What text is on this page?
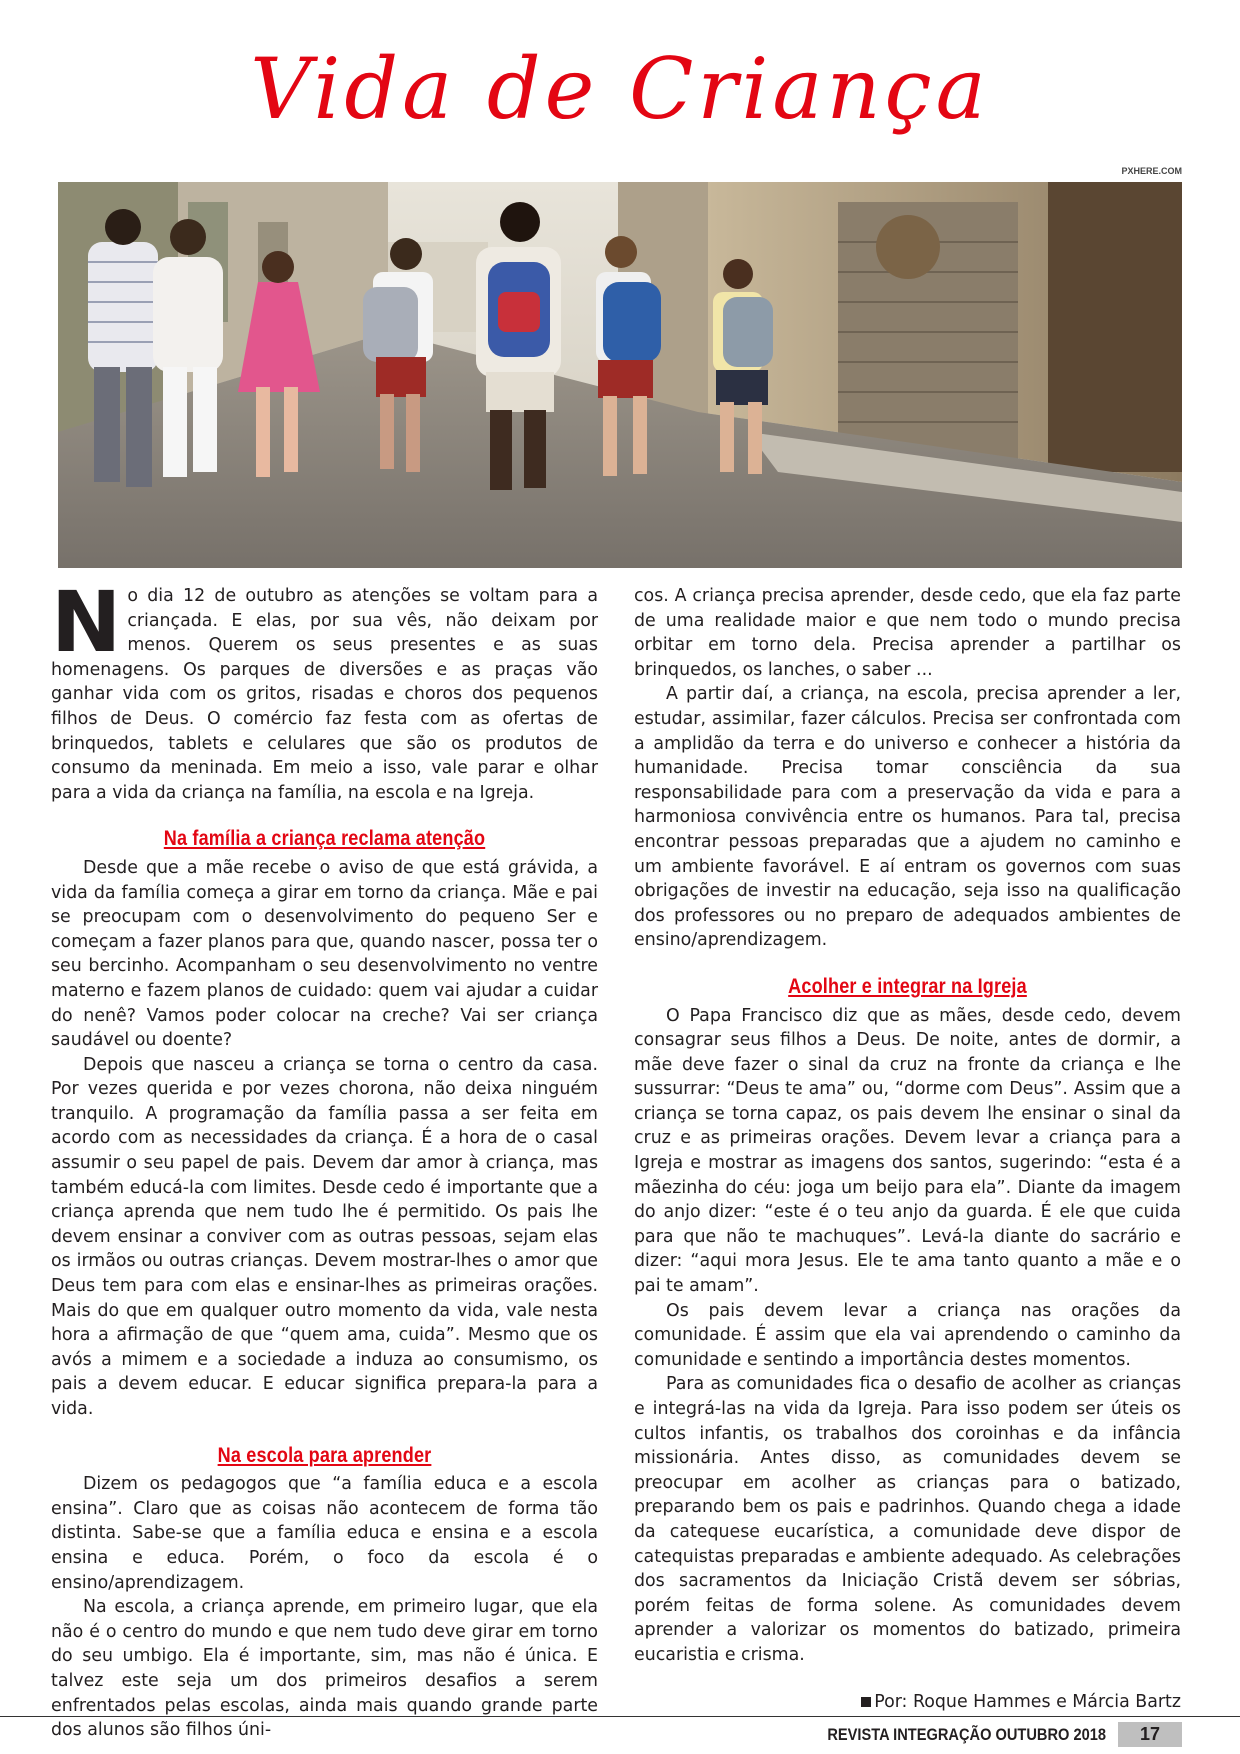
Vida de Criança
PXHERE.COM

No dia 12 de outubro as atenções se voltam para a criançada. E elas, por sua vês, não deixam por menos. Querem os seus presentes e as suas homenagens. Os parques de diversões e as praças vão ganhar vida com os gritos, risadas e choros dos pequenos filhos de Deus. O comércio faz festa com as ofertas de brinquedos, tablets e celulares que são os produtos de consumo da meninada. Em meio a isso, vale parar e olhar para a vida da criança na família, na escola e na Igreja.

Na família a criança reclama atenção

Desde que a mãe recebe o aviso de que está grávida, a vida da família começa a girar em torno da criança. Mãe e pai se preocupam com o desenvolvimento do pequeno Ser e começam a fazer planos para que, quando nascer, possa ter o seu bercinho. Acompanham o seu desenvolvimento no ventre materno e fazem planos de cuidado: quem vai ajudar a cuidar do nenê? Vamos poder colocar na creche? Vai ser criança saudável ou doente?

Depois que nasceu a criança se torna o centro da casa. Por vezes querida e por vezes chorona, não deixa ninguém tranquilo. A programação da família passa a ser feita em acordo com as necessidades da criança. É a hora de o casal assumir o seu papel de pais. Devem dar amor à criança, mas também educá-la com limites. Desde cedo é importante que a criança aprenda que nem tudo lhe é permitido. Os pais lhe devem ensinar a conviver com as outras pessoas, sejam elas os irmãos ou outras crianças. Devem mostrar-lhes o amor que Deus tem para com elas e ensinar-lhes as primeiras orações. Mais do que em qualquer outro momento da vida, vale nesta hora a afirmação de que “quem ama, cuida”. Mesmo que os avós a mimem e a sociedade a induza ao consumismo, os pais a devem educar. E educar significa prepara-la para a vida.

Na escola para aprender

Dizem os pedagogos que “a família educa e a escola ensina”. Claro que as coisas não acontecem de forma tão distinta. Sabe-se que a família educa e ensina e a escola ensina e educa. Porém, o foco da escola é o ensino/aprendizagem.

Na escola, a criança aprende, em primeiro lugar, que ela não é o centro do mundo e que nem tudo deve girar em torno do seu umbigo. Ela é importante, sim, mas não é única. E talvez este seja um dos primeiros desafios a serem enfrentados pelas escolas, ainda mais quando grande parte dos alunos são filhos úni-

cos. A criança precisa aprender, desde cedo, que ela faz parte de uma realidade maior e que nem todo o mundo precisa orbitar em torno dela. Precisa aprender a partilhar os brinquedos, os lanches, o saber ...

A partir daí, a criança, na escola, precisa aprender a ler, estudar, assimilar, fazer cálculos. Precisa ser confrontada com a amplidão da terra e do universo e conhecer a história da humanidade. Precisa tomar consciência da sua responsabilidade para com a preservação da vida e para a harmoniosa convivência entre os humanos. Para tal, precisa encontrar pessoas preparadas que a ajudem no caminho e um ambiente favorável. E aí entram os governos com suas obrigações de investir na educação, seja isso na qualificação dos professores ou no preparo de adequados ambientes de ensino/aprendizagem.

Acolher e integrar na Igreja

O Papa Francisco diz que as mães, desde cedo, devem consagrar seus filhos a Deus. De noite, antes de dormir, a mãe deve fazer o sinal da cruz na fronte da criança e lhe sussurrar: “Deus te ama” ou, “dorme com Deus”. Assim que a criança se torna capaz, os pais devem lhe ensinar o sinal da cruz e as primeiras orações. Devem levar a criança para a Igreja e mostrar as imagens dos santos, sugerindo: “esta é a mãezinha do céu: joga um beijo para ela”. Diante da imagem do anjo dizer: “este é o teu anjo da guarda. É ele que cuida para que não te machuques”. Levá-la diante do sacrário e dizer: “aqui mora Jesus. Ele te ama tanto quanto a mãe e o pai te amam”.

Os pais devem levar a criança nas orações da comunidade. É assim que ela vai aprendendo o caminho da comunidade e sentindo a importância destes momentos.

Para as comunidades fica o desafio de acolher as crianças e integrá-las na vida da Igreja. Para isso podem ser úteis os cultos infantis, os trabalhos dos coroinhas e da infância missionária. Antes disso, as comunidades devem se preocupar em acolher as crianças para o batizado, preparando bem os pais e padrinhos. Quando chega a idade da catequese eucarística, a comunidade deve dispor de catequistas preparadas e ambiente adequado. As celebrações dos sacramentos da Iniciação Cristã devem ser sóbrias, porém feitas de forma solene. As comunidades devem aprender a valorizar os momentos do batizado, primeira eucaristia e crisma.

Por: Roque Hammes e Márcia Bartz
REVISTA INTEGRAÇÃO OUTUBRO 2018	17
